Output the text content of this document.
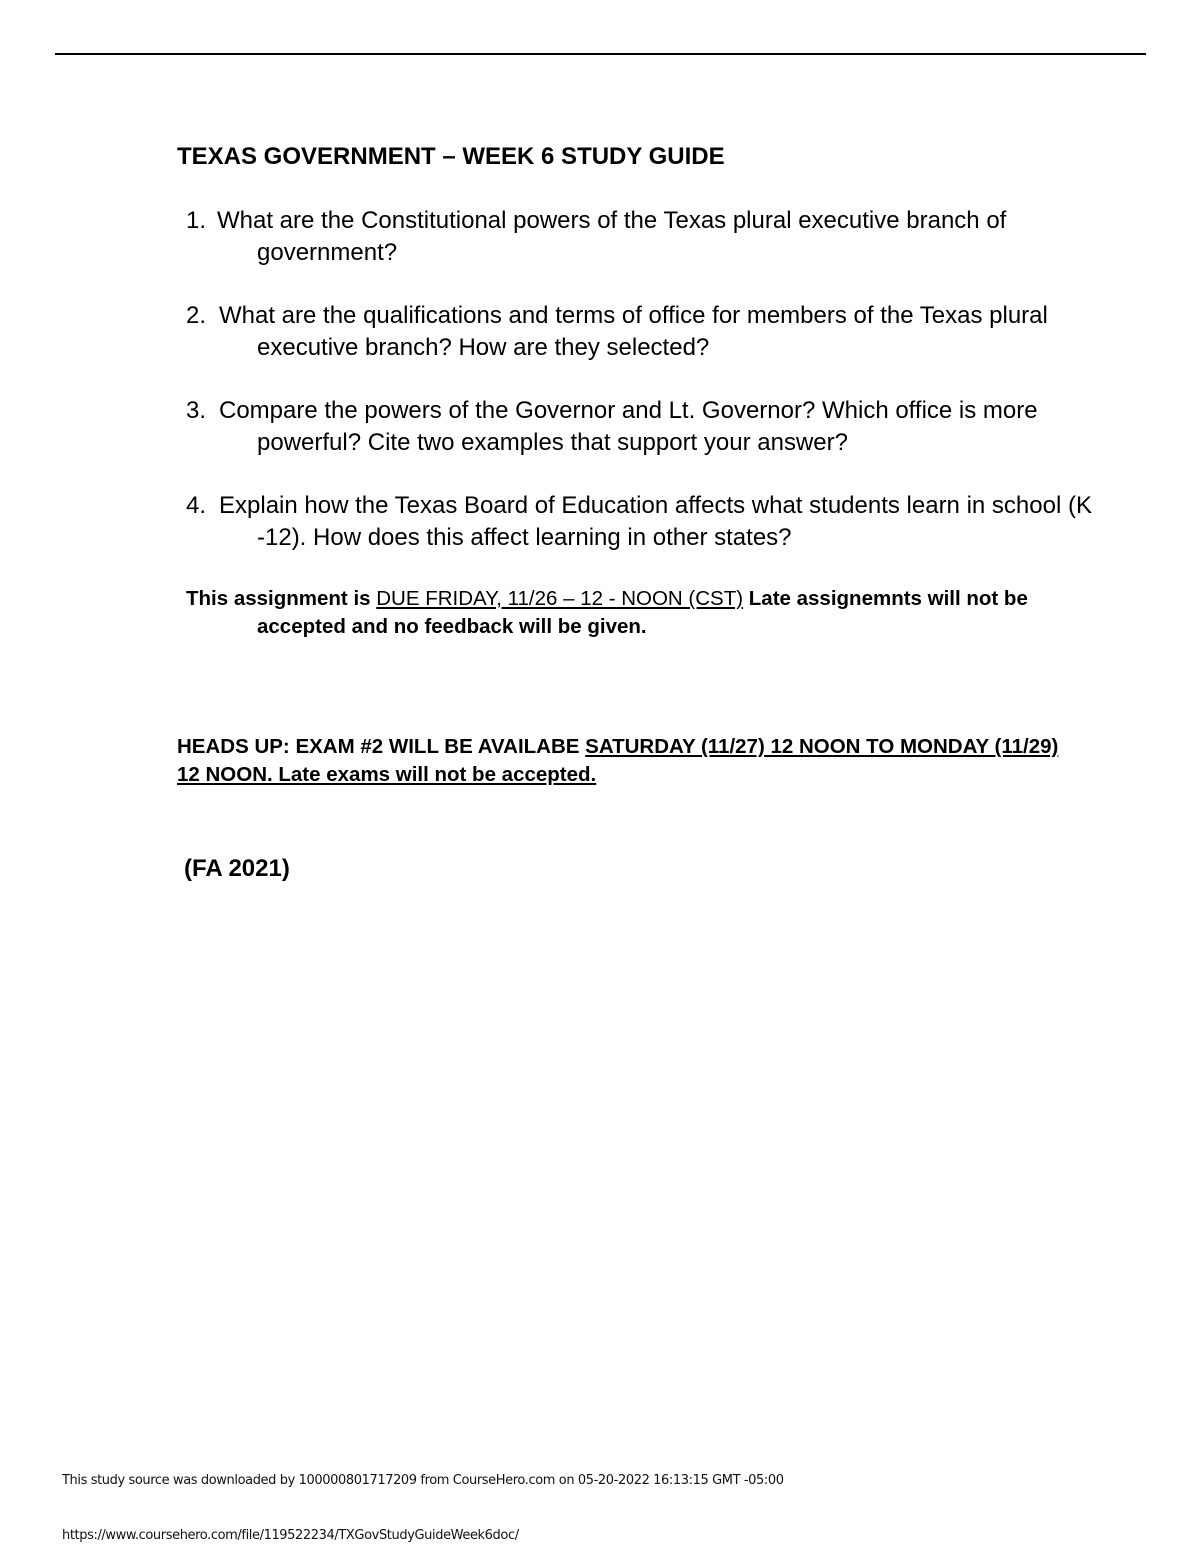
TEXAS GOVERNMENT – WEEK 6 STUDY GUIDE
1. What are the Constitutional powers of the Texas plural executive branch of government?
2. What are the qualifications and terms of office for members of the Texas plural executive branch? How are they selected?
3. Compare the powers of the Governor and Lt. Governor? Which office is more powerful? Cite two examples that support your answer?
4. Explain how the Texas Board of Education affects what students learn in school (K -12). How does this affect learning in other states?
This assignment is DUE FRIDAY, 11/26 – 12 - NOON (CST) Late assignemnts will not be accepted and no feedback will be given.
HEADS UP: EXAM #2 WILL BE AVAILABE SATURDAY (11/27) 12 NOON TO MONDAY (11/29) 12 NOON. Late exams will not be accepted.
(FA 2021)
This study source was downloaded by 100000801717209 from CourseHero.com on 05-20-2022 16:13:15 GMT -05:00
https://www.coursehero.com/file/119522234/TXGovStudyGuideWeek6doc/
